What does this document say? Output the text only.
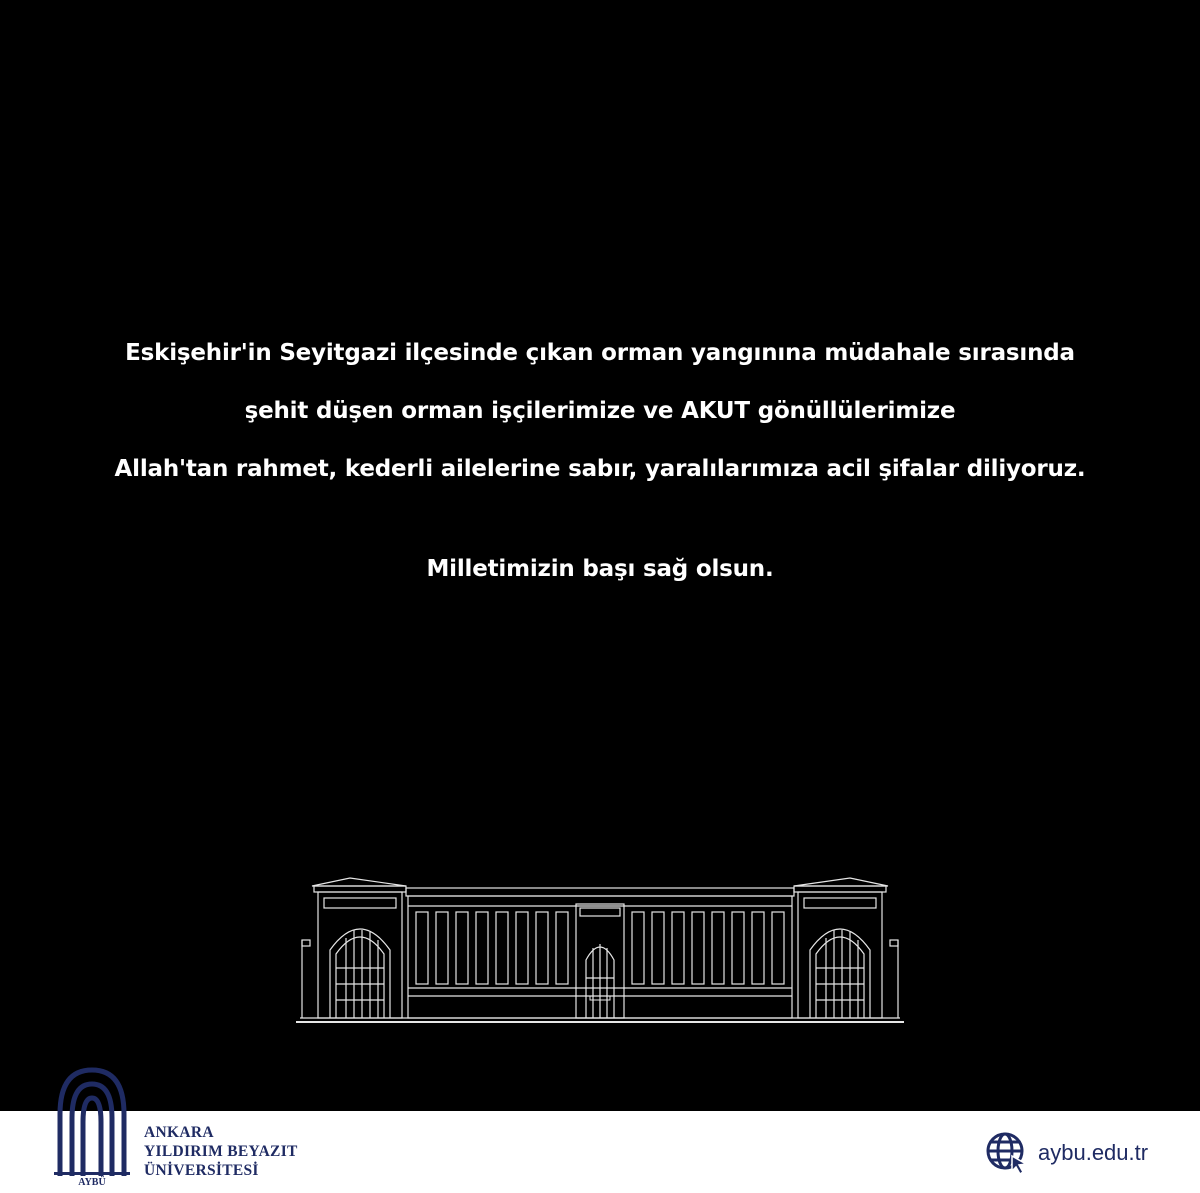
Eskişehir'in Seyitgazi ilçesinde çıkan orman yangınına müdahale sırasında
şehit düşen orman işçilerimize ve AKUT gönüllülerimize
Allah'tan rahmet, kederli ailelerine sabır, yaralılarımıza acil şifalar diliyoruz.
Milletimizin başı sağ olsun.
AYBÜ
ANKARA
YILDIRIM BEYAZIT
ÜNİVERSİTESİ
aybu.edu.tr
